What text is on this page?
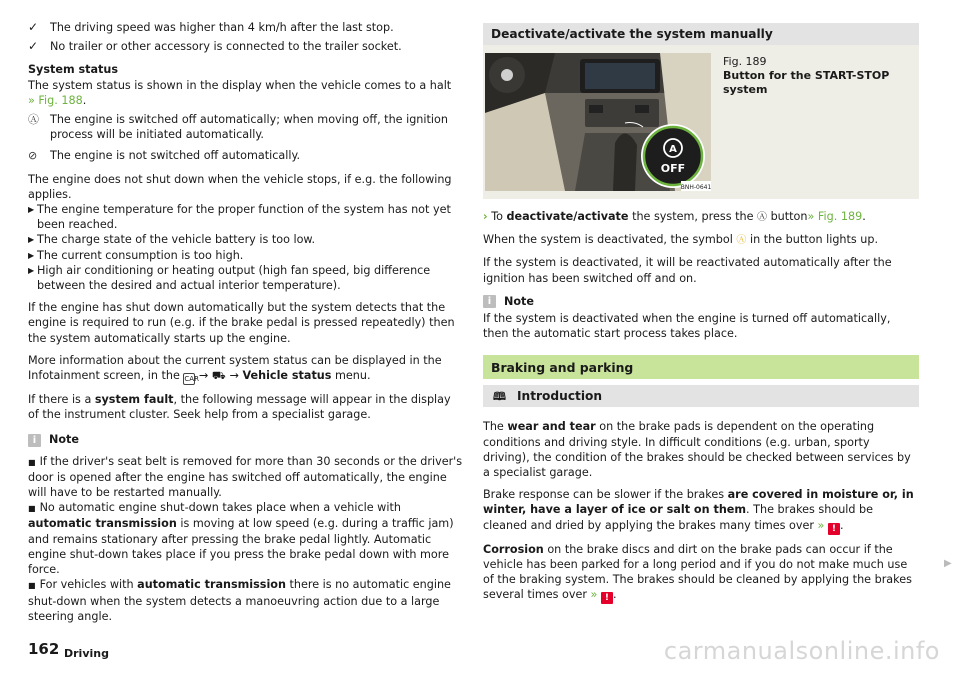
✓	The driving speed was higher than 4 km/h after the last stop.
✓	No trailer or other accessory is connected to the trailer socket.

System status
The system status is shown in the display when the vehicle comes to a halt
» Fig. 188.

Ⓐ The engine is switched off automatically; when moving off, the ignition process will be initiated automatically.
⊘	The engine is not switched off automatically.

The engine does not shut down when the vehicle stops, if e.g. the following applies.

▶ The engine temperature for the proper function of the system has not yet been reached.
▶ The charge state of the vehicle battery is too low.
▶ The current consumption is too high.
▶ High air conditioning or heating output (high fan speed, big difference between the desired and actual interior temperature).

If the engine has shut down automatically but the system detects that the engine is required to run (e.g. if the brake pedal is pressed repeatedly) then the system automatically starts up the engine.

More information about the current system status can be displayed in the Infotainment screen, in the CAR → ⛟ → Vehicle status menu.

If there is a system fault, the following message will appear in the display of the instrument cluster. Seek help from a specialist garage.

i	Note
■ If the driver's seat belt is removed for more than 30 seconds or the driver's door is opened after the engine has switched off automatically, the engine will have to be restarted manually.
■ No automatic engine shut-down takes place when a vehicle with automatic transmission is moving at low speed (e.g. during a traffic jam) and remains stationary after pressing the brake pedal lightly. Automatic engine shut-down takes place if you press the brake pedal down with more force.
■ For vehicles with automatic transmission there is no automatic engine shut-down when the system detects a manoeuvring action due to a large steering angle.
Deactivate/activate the system manually
A
OFF
BNH-0641
Fig. 189
Button for the START-STOP system

› To deactivate/activate the system, press the Ⓐ button» Fig. 189.

When the system is deactivated, the symbol Ⓐ in the button lights up.

If the system is deactivated, it will be reactivated automatically after the ignition has been switched off and on.

i	Note

If the system is deactivated when the engine is turned off automatically, then the automatic start process takes place.

Braking and parking
🕮 Introduction

The wear and tear on the brake pads is dependent on the operating conditions and driving style. In difficult conditions (e.g. urban, sporty driving), the condition of the brakes should be checked between services by a specialist garage.

Brake response can be slower if the brakes are covered in moisture or, in winter, have a layer of ice or salt on them. The brakes should be cleaned and dried by applying the brakes many times over » ! .

Corrosion on the brake discs and dirt on the brake pads can occur if the vehicle has been parked for a long period and if you do not make much use of the braking system. The brakes should be cleaned by applying the brakes several times over » ! .

▶
162 Driving	carmanualsonline.info
